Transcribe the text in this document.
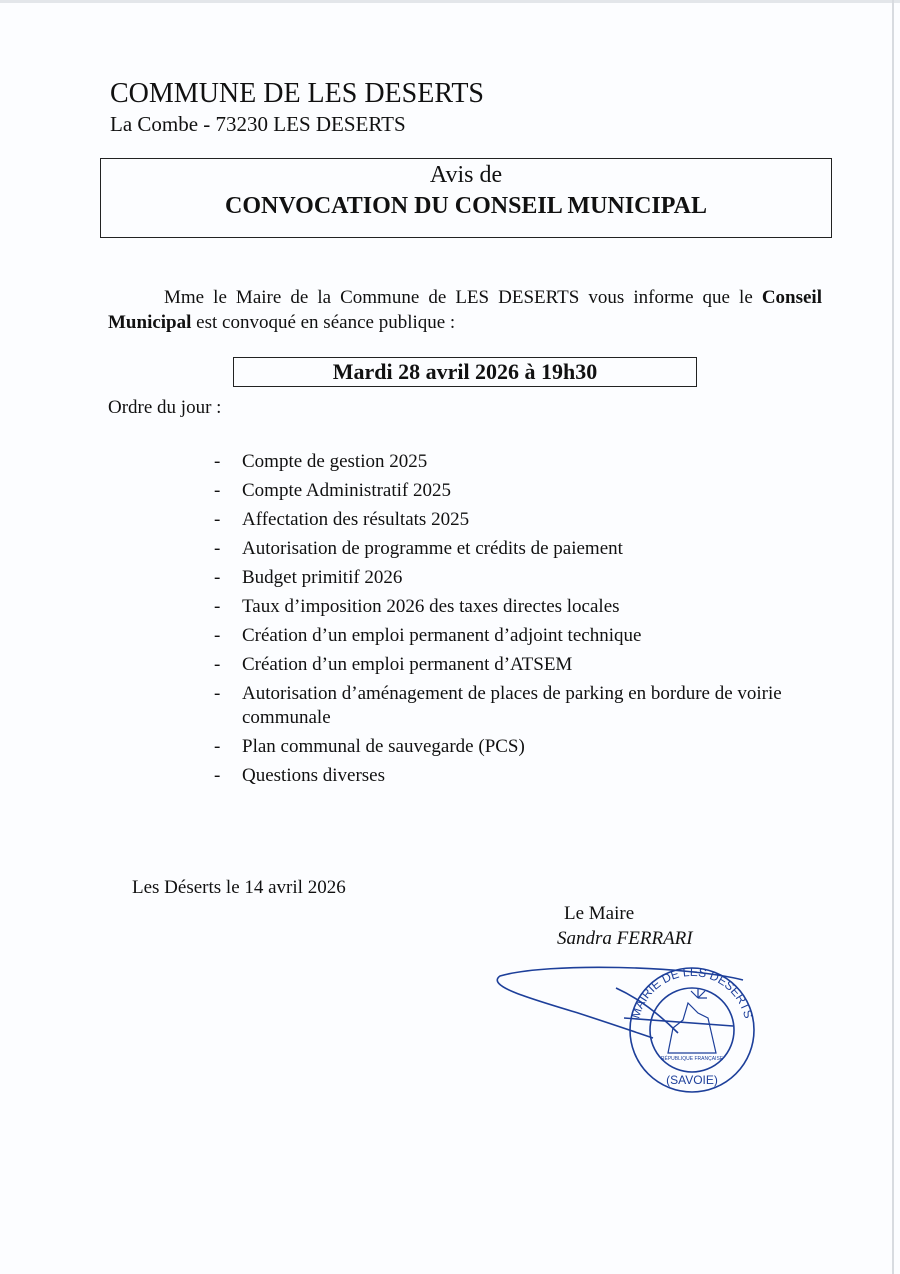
COMMUNE DE LES DESERTS
La Combe - 73230 LES DESERTS
Avis de
CONVOCATION DU CONSEIL MUNICIPAL

Mme le Maire de la Commune de LES DESERTS vous informe que le Conseil Municipal est convoqué en séance publique :

Mardi 28 avril 2026 à 19h30
Ordre du jour :
- Compte de gestion 2025
- Compte Administratif 2025
- Affectation des résultats 2025
- Autorisation de programme et crédits de paiement
- Budget primitif 2026
- Taux d’imposition 2026 des taxes directes locales
- Création d’un emploi permanent d’adjoint technique
- Création d’un emploi permanent d’ATSEM
- Autorisation d’aménagement de places de parking en bordure de voirie communale
- Plan communal de sauvegarde (PCS)
- Questions diverses
Les Déserts le 14 avril 2026
Le Maire
Sandra FERRARI
MAIRIE DE LES DESERTS
(SAVOIE)
RÉPUBLIQUE FRANÇAISE
